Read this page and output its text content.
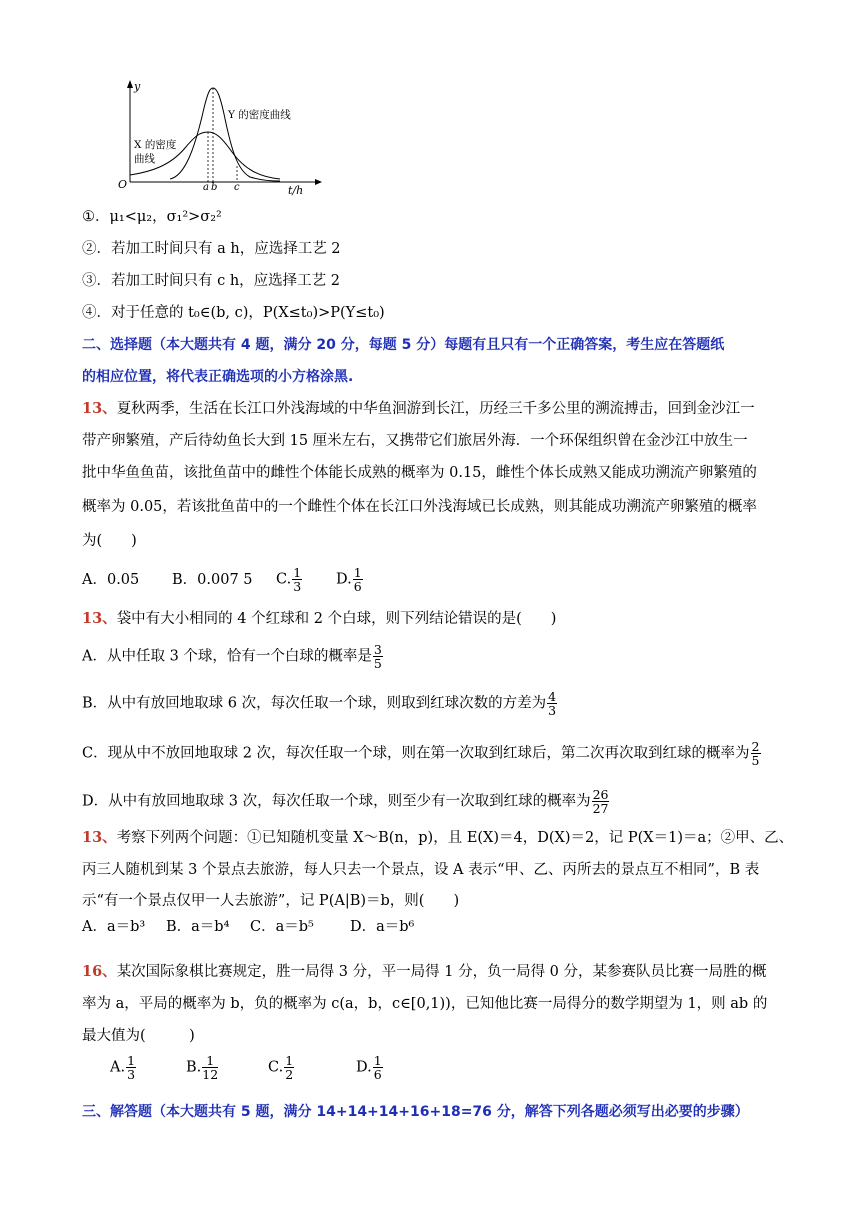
y
t/h
O	a b c
Y 的密度曲线
X 的密度
曲线
①．μ₁<μ₂，σ₁²>σ₂²
②．若加工时间只有 a h，应选择工艺 2
③．若加工时间只有 c h，应选择工艺 2
④．对于任意的 t₀∈(b, c)，P(X≤t₀)>P(Y≤t₀)
二、选择题（本大题共有 4 题，满分 20 分，每题 5 分）每题有且只有一个正确答案，考生应在答题纸
的相应位置，将代表正确选项的小方格涂黑.
13、夏秋两季，生活在长江口外浅海域的中华鱼洄游到长江，历经三千多公里的溯流搏击，回到金沙江一
带产卵繁殖，产后待幼鱼长大到 15 厘米左右，又携带它们旅居外海．一个环保组织曾在金沙江中放生一
批中华鱼鱼苗，该批鱼苗中的雌性个体能长成熟的概率为 0.15，雌性个体长成熟又能成功溯流产卵繁殖的
概率为 0.05，若该批鱼苗中的一个雌性个体在长江口外浅海域已长成熟，则其能成功溯流产卵繁殖的概率
为(　　)
A．0.05 B．0.007 5 C. $\frac{1}{3} D$. $\frac{1}{6}$
13、袋中有大小相同的 4 个红球和 2 个白球，则下列结论错误的是(　　)
A．从中任取 3 个球，恰有一个白球的概率是 $\frac{3}{5}$
B．从中有放回地取球 6 次，每次任取一个球，则取到红球次数的方差为 $\frac{4}{3}$
C．现从中不放回地取球 2 次，每次任取一个球，则在第一次取到红球后，第二次再次取到红球的概率为 $\frac{2}{5}$
D．从中有放回地取球 3 次，每次任取一个球，则至少有一次取到红球的概率为 $\frac{26}{27}$
13、考察下列两个问题：①已知随机变量 X～B(n，p)，且 E(X)＝4，D(X)＝2，记 P(X＝1)＝a；②甲、乙、
丙三人随机到某 3 个景点去旅游，每人只去一个景点，设 A 表示“甲、乙、丙所去的景点互不相同”，B 表
示“有一个景点仅甲一人去旅游”，记 P(A|B)＝b，则(　　)
A．a＝b³ B．a＝b⁴ C．a＝b⁵ D．a＝b⁶
16、某次国际象棋比赛规定，胜一局得 3 分，平一局得 1 分，负一局得 0 分，某参赛队员比赛一局胜的概
率为 a，平局的概率为 b，负的概率为 c(a，b，c∈[0,1))，已知他比赛一局得分的数学期望为 1，则 ab 的
最大值为(　　　)
A. $\frac{1}{3}$	B. $\frac{1}{12}$	C. $\frac{1}{2}$	D. $\frac{1}{6}$
三、解答题（本大题共有 5 题，满分 14+14+14+16+18=76 分，解答下列各题必须写出必要的步骤）
